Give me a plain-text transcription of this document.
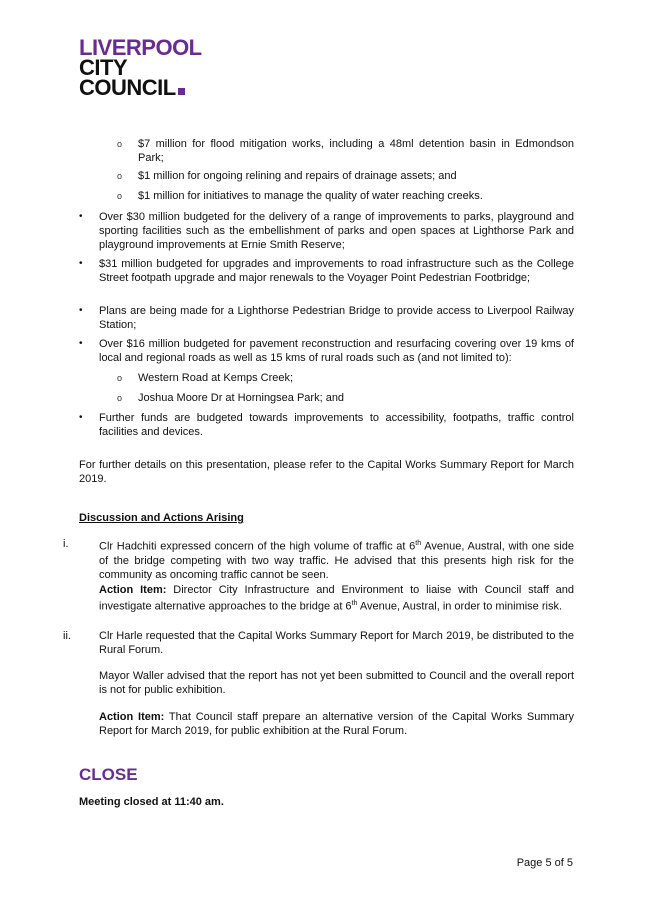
LIVERPOOL
CITY
COUNCIL
o $7 million for flood mitigation works, including a 48ml detention basin in Edmondson Park;

o $1 million for ongoing relining and repairs of drainage assets; and

o $1 million for initiatives to manage the quality of water reaching creeks.

• Over $30 million budgeted for the delivery of a range of improvements to parks, playground and sporting facilities such as the embellishment of parks and open spaces at Lighthorse Park and playground improvements at Ernie Smith Reserve;

• $31 million budgeted for upgrades and improvements to road infrastructure such as the College Street footpath upgrade and major renewals to the Voyager Point Pedestrian Footbridge;

• Plans are being made for a Lighthorse Pedestrian Bridge to provide access to Liverpool Railway Station;

• Over $16 million budgeted for pavement reconstruction and resurfacing covering over 19 kms of local and regional roads as well as 15 kms of rural roads such as (and not limited to):

o Western Road at Kemps Creek;

o Joshua Moore Dr at Horningsea Park; and

• Further funds are budgeted towards improvements to accessibility, footpaths, traffic control facilities and devices.

For further details on this presentation, please refer to the Capital Works Summary Report for March 2019.

Discussion and Actions Arising

i.	Clr Hadchiti expressed concern of the high volume of traffic at 6th Avenue, Austral, with one side of the bridge competing with two way traffic. He advised that this presents high risk for the community as oncoming traffic cannot be seen.

Action Item: Director City Infrastructure and Environment to liaise with Council staff and investigate alternative approaches to the bridge at 6th Avenue, Austral, in order to minimise risk.

ii.	Clr Harle requested that the Capital Works Summary Report for March 2019, be distributed to the Rural Forum.

Mayor Waller advised that the report has not yet been submitted to Council and the overall report is not for public exhibition.

Action Item: That Council staff prepare an alternative version of the Capital Works Summary Report for March 2019, for public exhibition at the Rural Forum.

CLOSE

Meeting closed at 11:40 am.

Page 5 of 5
